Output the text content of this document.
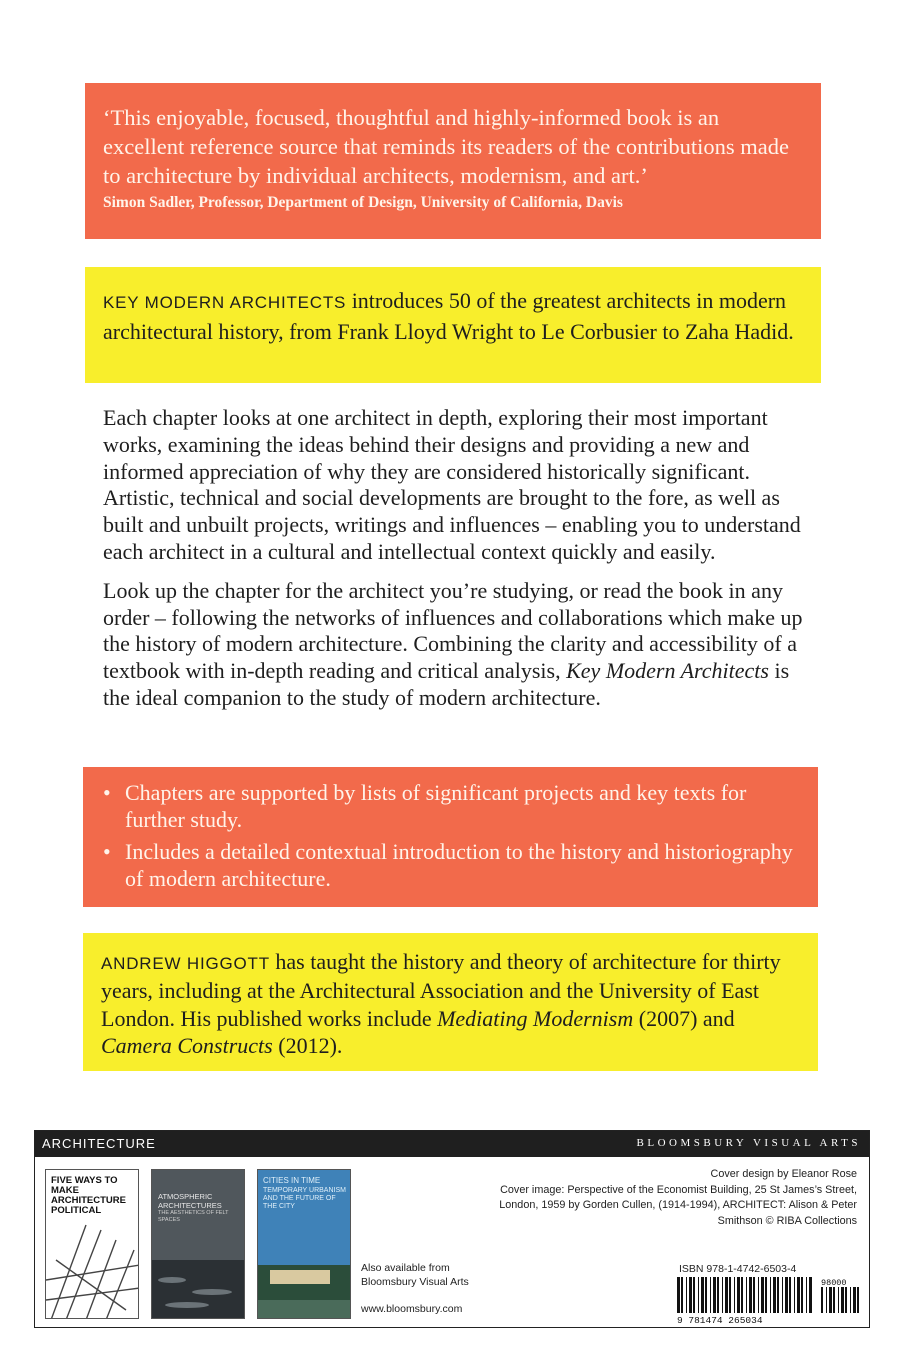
‘This enjoyable, focused, thoughtful and highly-informed book is an excellent reference source that reminds its readers of the contributions made to architecture by individual architects, modernism, and art.’
Simon Sadler, Professor, Department of Design, University of California, Davis
KEY MODERN ARCHITECTS introduces 50 of the greatest architects in modern architectural history, from Frank Lloyd Wright to Le Corbusier to Zaha Hadid.

Each chapter looks at one architect in depth, exploring their most important works, examining the ideas behind their designs and providing a new and informed appreciation of why they are considered historically significant. Artistic, technical and social developments are brought to the fore, as well as built and unbuilt projects, writings and influences – enabling you to understand each architect in a cultural and intellectual context quickly and easily.

Look up the chapter for the architect you’re studying, or read the book in any order – following the networks of influences and collaborations which make up the history of modern architecture. Combining the clarity and accessibility of a textbook with in-depth reading and critical analysis, Key Modern Architects is the ideal companion to the study of modern architecture.

• Chapters are supported by lists of significant projects and key texts for further study.
• Includes a detailed contextual introduction to the history and historiography of modern architecture.
ANDREW HIGGOTT has taught the history and theory of architecture for thirty years, including at the Architectural Association and the University of East London. His published works include Mediating Modernism (2007) and Camera Constructs (2012).
ARCHITECTURE	BLOOMSBURY VISUAL ARTS
FIVE WAYS TO MAKE ARCHITECTURE POLITICAL
ATMOSPHERIC ARCHITECTURES
THE AESTHETICS OF FELT SPACES
CITIES IN TIME
TEMPORARY URBANISM AND THE FUTURE OF THE CITY
Also available from
Bloomsbury Visual Arts
www.bloomsbury.com
Cover design by Eleanor Rose
Cover image: Perspective of the Economist Building, 25 St James’s Street, London, 1959 by Gorden Cullen, (1914-1994), ARCHITECT: Alison & Peter Smithson © RIBA Collections
ISBN 978-1-4742-6503-4
9 781474 265034
98000
